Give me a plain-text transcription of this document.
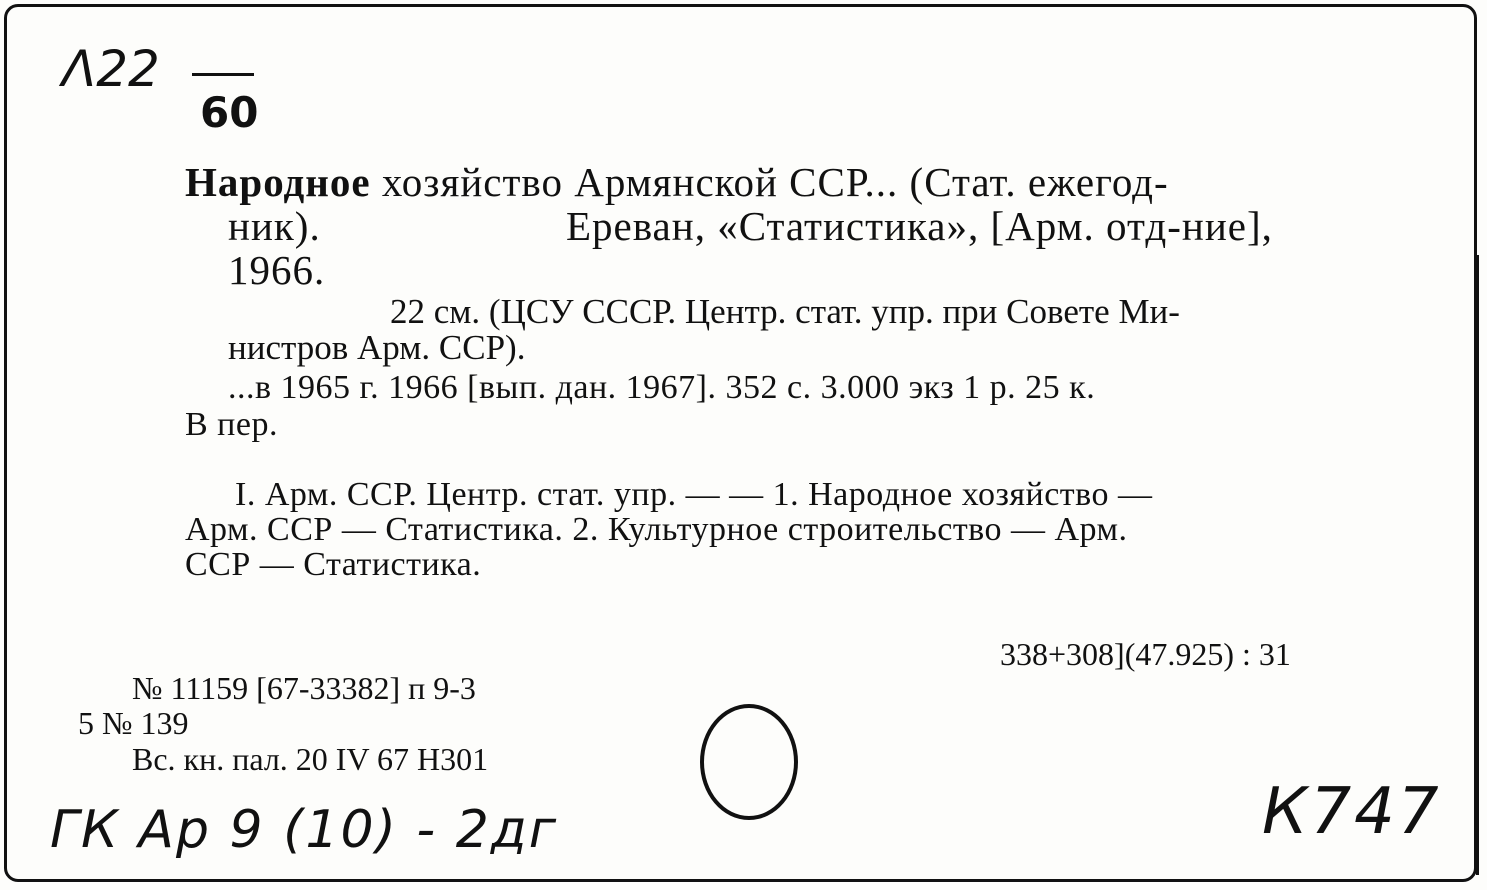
Λ22
60
Народное хозяйство Армянской ССР... (Стат. ежегод-
ник).	Ереван, «Статистика», [Арм. отд-ние],
1966.
22 см. (ЦСУ СССР. Центр. стат. упр. при Совете Ми-
нистров Арм. ССР).
...в 1965 г. 1966 [вып. дан. 1967]. 352 с. 3.000 экз 1 р. 25 к.
В пер.
I. Арм. ССР. Центр. стат. упр. — — 1. Народное хозяйство —
Арм. ССР — Статистика. 2. Культурное строительство — Арм.
ССР — Статистика.
338+308](47.925) : 31
№ 11159 [67-33382] п 9-3
5 № 139
Вс. кн. пал. 20 IV 67 Н301
ГК Ар 9 (10) - 2дг	К747
